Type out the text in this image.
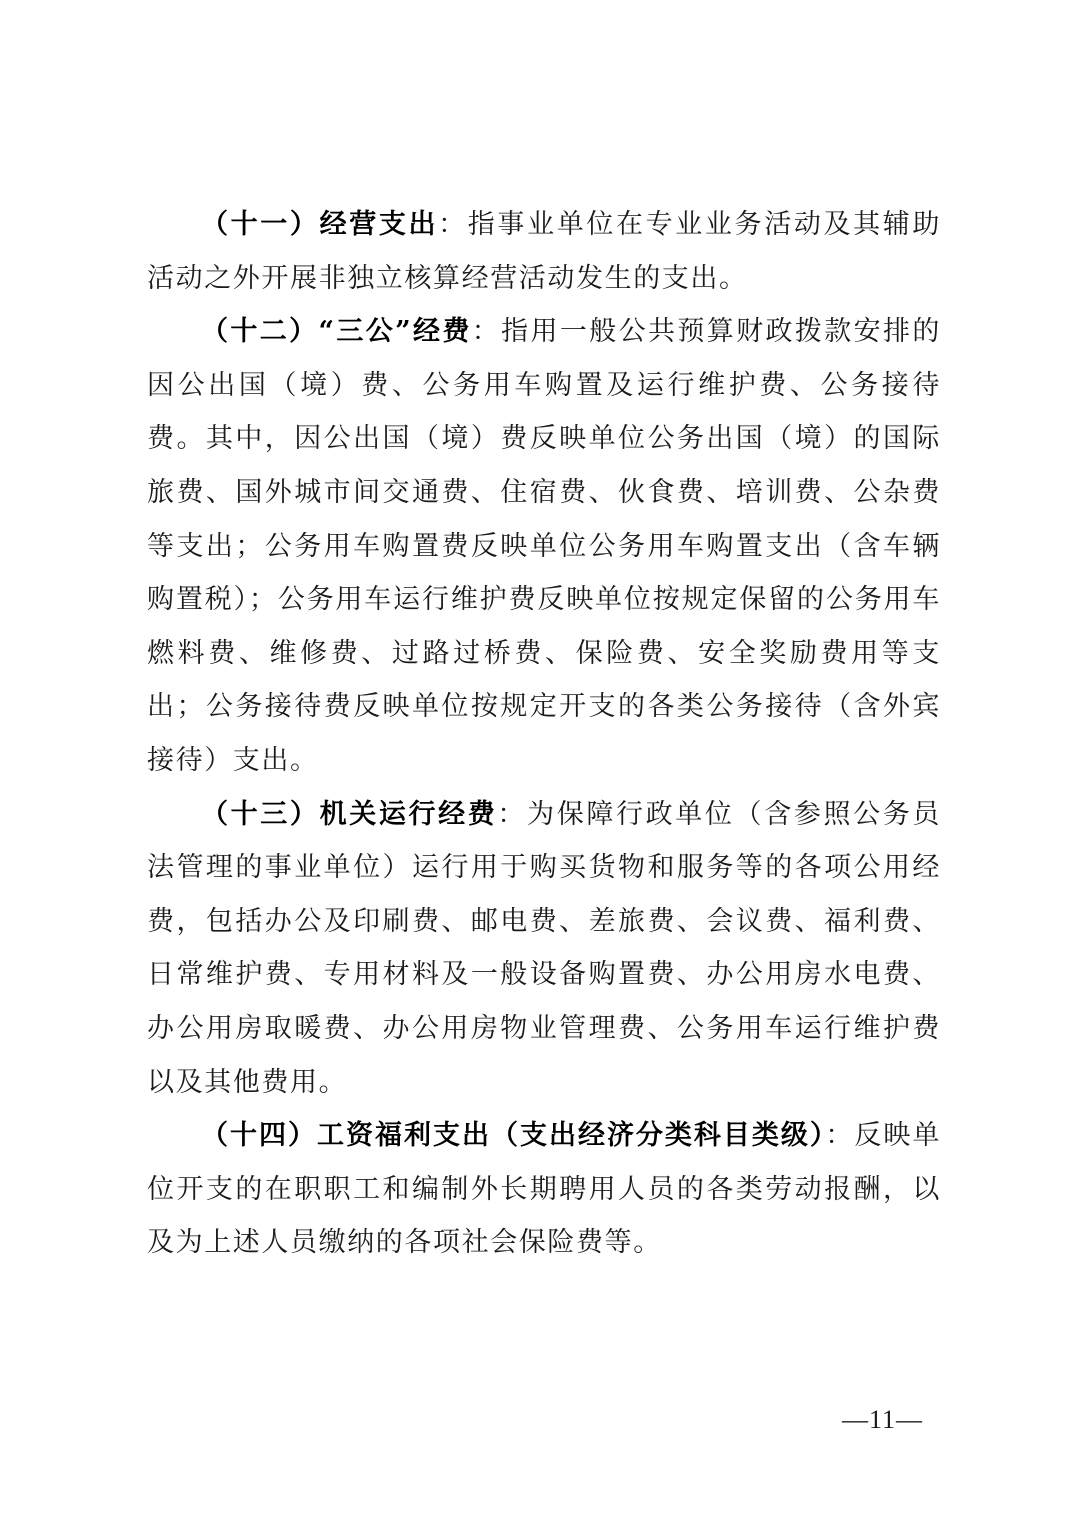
（十一）经营支出：指事业单位在专业业务活动及其辅助活动之外开展非独立核算经营活动发生的支出。

（十二）“三公”经费：指用一般公共预算财政拨款安排的因公出国（境）费、公务用车购置及运行维护费、公务接待费。其中，因公出国（境）费反映单位公务出国（境）的国际旅费、国外城市间交通费、住宿费、伙食费、培训费、公杂费等支出；公务用车购置费反映单位公务用车购置支出（含车辆购置税）；公务用车运行维护费反映单位按规定保留的公务用车燃料费、维修费、过路过桥费、保险费、安全奖励费用等支出；公务接待费反映单位按规定开支的各类公务接待（含外宾接待）支出。

（十三）机关运行经费：为保障行政单位（含参照公务员法管理的事业单位）运行用于购买货物和服务等的各项公用经费，包括办公及印刷费、邮电费、差旅费、会议费、福利费、日常维护费、专用材料及一般设备购置费、办公用房水电费、办公用房取暖费、办公用房物业管理费、公务用车运行维护费以及其他费用。

（十四）工资福利支出（支出经济分类科目类级）：反映单位开支的在职职工和编制外长期聘用人员的各类劳动报酬，以及为上述人员缴纳的各项社会保险费等。

—11—
